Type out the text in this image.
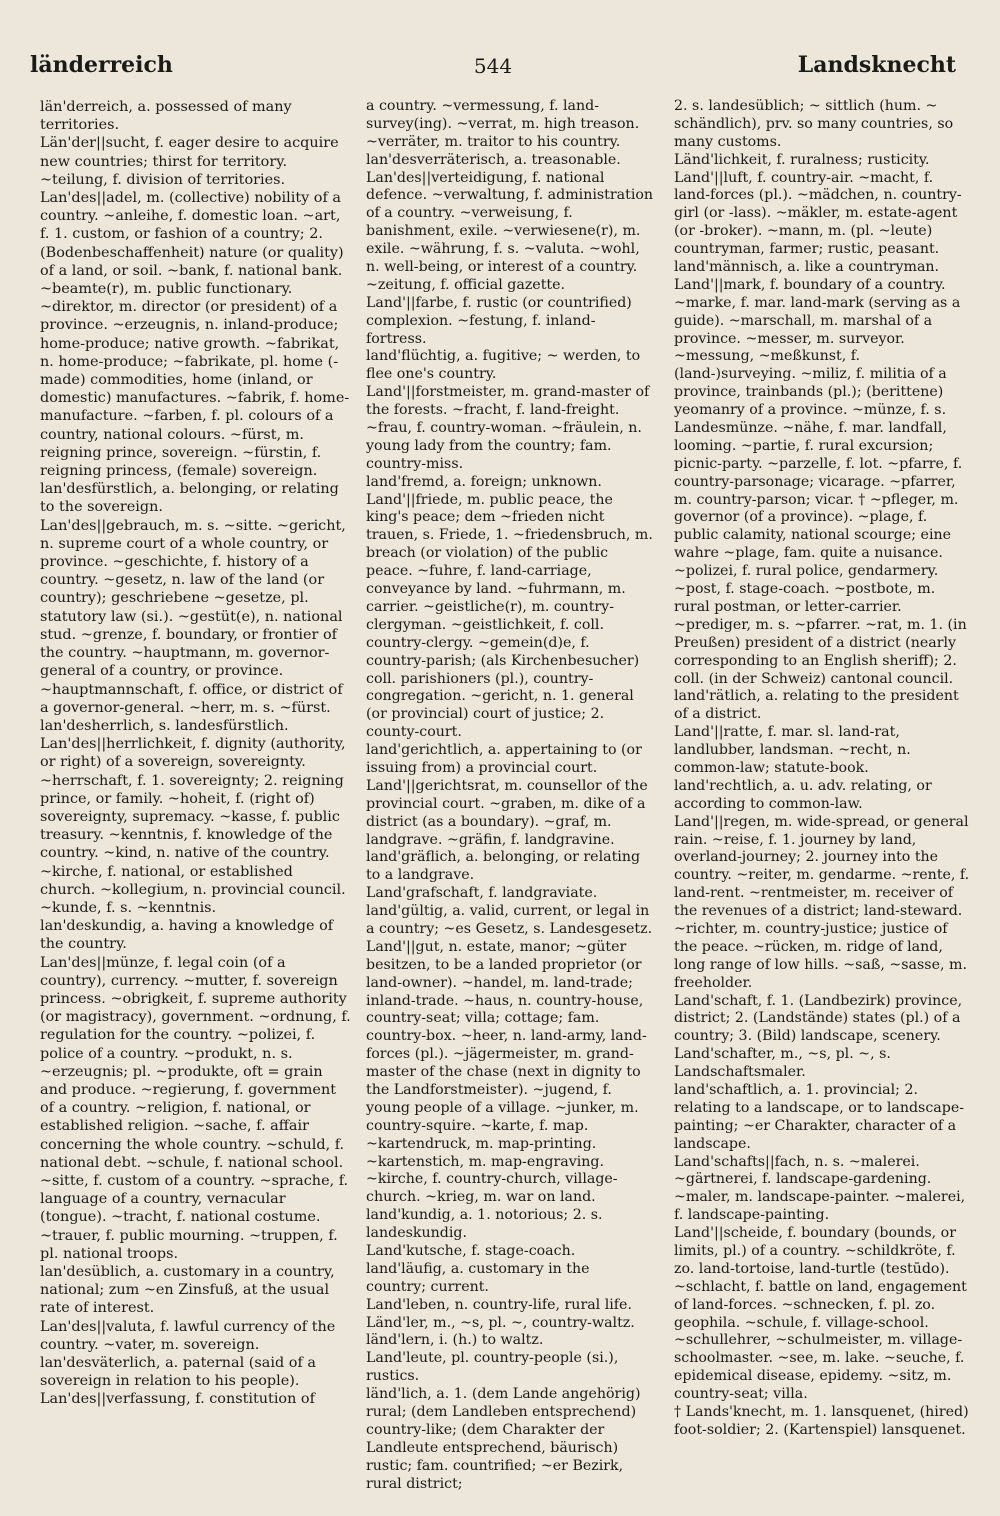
länderreich	544	Landsknecht

län'derreich, a. possessed of many territories.

Län'der||sucht, f. eager desire to acquire new countries; thirst for territory. ~teilung, f. division of territories.

Lan'des||adel, m. (collective) nobility of a country. ~anleihe, f. domestic loan. ~art, f. 1. custom, or fashion of a country; 2. (Bodenbeschaffenheit) nature (or quality) of a land, or soil. ~bank, f. national bank. ~beamte(r), m. public functionary. ~direktor, m. director (or president) of a province. ~erzeugnis, n. inland-produce; home-produce; native growth. ~fabrikat, n. home-produce; ~fabrikate, pl. home (-made) commodities, home (inland, or domestic) manufactures. ~fabrik, f. home-manufacture. ~farben, f. pl. colours of a country, national colours. ~fürst, m. reigning prince, sovereign. ~fürstin, f. reigning princess, (female) sovereign.

lan'desfürstlich, a. belonging, or relating to the sovereign.

Lan'des||gebrauch, m. s. ~sitte. ~gericht, n. supreme court of a whole country, or province. ~geschichte, f. history of a country. ~gesetz, n. law of the land (or country); geschriebene ~gesetze, pl. statutory law (si.). ~gestüt(e), n. national stud. ~grenze, f. boundary, or frontier of the country. ~hauptmann, m. governor-general of a country, or province. ~hauptmannschaft, f. office, or district of a governor-general. ~herr, m. s. ~fürst.

lan'desherrlich, s. landesfürstlich.

Lan'des||herrlichkeit, f. dignity (authority, or right) of a sovereign, sovereignty. ~herrschaft, f. 1. sovereignty; 2. reigning prince, or family. ~hoheit, f. (right of) sovereignty, supremacy. ~kasse, f. public treasury. ~kenntnis, f. knowledge of the country. ~kind, n. native of the country. ~kirche, f. national, or established church. ~kollegium, n. provincial council. ~kunde, f. s. ~kenntnis.

lan'deskundig, a. having a knowledge of the country.

Lan'des||münze, f. legal coin (of a country), currency. ~mutter, f. sovereign princess. ~obrigkeit, f. supreme authority (or magistracy), government. ~ordnung, f. regulation for the country. ~polizei, f. police of a country. ~produkt, n. s. ~erzeugnis; pl. ~produkte, oft = grain and produce. ~regierung, f. government of a country. ~religion, f. national, or established religion. ~sache, f. affair concerning the whole country. ~schuld, f. national debt. ~schule, f. national school. ~sitte, f. custom of a country. ~sprache, f. language of a country, vernacular (tongue). ~tracht, f. national costume. ~trauer, f. public mourning. ~truppen, f. pl. national troops.

lan'desüblich, a. customary in a country, national; zum ~en Zinsfuß, at the usual rate of interest.

Lan'des||valuta, f. lawful currency of the country. ~vater, m. sovereign.

lan'desväterlich, a. paternal (said of a sovereign in relation to his people).

Lan'des||verfassung, f. constitution of

a country. ~vermessung, f. land-survey(ing). ~verrat, m. high treason. ~verräter, m. traitor to his country.

lan'desverräterisch, a. treasonable.

Lan'des||verteidigung, f. national defence. ~verwaltung, f. administration of a country. ~verweisung, f. banishment, exile. ~verwiesene(r), m. exile. ~währung, f. s. ~valuta. ~wohl, n. well-being, or interest of a country. ~zeitung, f. official gazette.

Land'||farbe, f. rustic (or countrified) complexion. ~festung, f. inland-fortress.

land'flüchtig, a. fugitive; ~ werden, to flee one's country.

Land'||forstmeister, m. grand-master of the forests. ~fracht, f. land-freight. ~frau, f. country-woman. ~fräulein, n. young lady from the country; fam. country-miss.

land'fremd, a. foreign; unknown.

Land'||friede, m. public peace, the king's peace; dem ~frieden nicht trauen, s. Friede, 1. ~friedensbruch, m. breach (or violation) of the public peace. ~fuhre, f. land-carriage, conveyance by land. ~fuhrmann, m. carrier. ~geistliche(r), m. country-clergyman. ~geistlichkeit, f. coll. country-clergy. ~gemein(d)e, f. country-parish; (als Kirchenbesucher) coll. parishioners (pl.), country-congregation. ~gericht, n. 1. general (or provincial) court of justice; 2. county-court.

land'gerichtlich, a. appertaining to (or issuing from) a provincial court.

Land'||gerichtsrat, m. counsellor of the provincial court. ~graben, m. dike of a district (as a boundary). ~graf, m. landgrave. ~gräfin, f. landgravine.

land'gräflich, a. belonging, or relating to a landgrave.

Land'grafschaft, f. landgraviate.

land'gültig, a. valid, current, or legal in a country; ~es Gesetz, s. Landesgesetz.

Land'||gut, n. estate, manor; ~güter besitzen, to be a landed proprietor (or land-owner). ~handel, m. land-trade; inland-trade. ~haus, n. country-house, country-seat; villa; cottage; fam. country-box. ~heer, n. land-army, land-forces (pl.). ~jägermeister, m. grand-master of the chase (next in dignity to the Landforstmeister). ~jugend, f. young people of a village. ~junker, m. country-squire. ~karte, f. map. ~kartendruck, m. map-printing. ~kartenstich, m. map-engraving. ~kirche, f. country-church, village-church. ~krieg, m. war on land.

land'kundig, a. 1. notorious; 2. s. landeskundig.

Land'kutsche, f. stage-coach.

land'läufig, a. customary in the country; current.

Land'leben, n. country-life, rural life.

Länd'ler, m., ~s, pl. ~, country-waltz.

länd'lern, i. (h.) to waltz.

Land'leute, pl. country-people (si.), rustics.

länd'lich, a. 1. (dem Lande angehörig) rural; (dem Landleben entsprechend) country-like; (dem Charakter der Landleute entsprechend, bäurisch) rustic; fam. countrified; ~er Bezirk, rural district;

2. s. landesüblich; ~ sittlich (hum. ~ schändlich), prv. so many countries, so many customs.

Länd'lichkeit, f. ruralness; rusticity.

Land'||luft, f. country-air. ~macht, f. land-forces (pl.). ~mädchen, n. country-girl (or -lass). ~mäkler, m. estate-agent (or -broker). ~mann, m. (pl. ~leute) countryman, farmer; rustic, peasant.

land'männisch, a. like a countryman.

Land'||mark, f. boundary of a country. ~marke, f. mar. land-mark (serving as a guide). ~marschall, m. marshal of a province. ~messer, m. surveyor. ~messung, ~meßkunst, f. (land-)surveying. ~miliz, f. militia of a province, trainbands (pl.); (berittene) yeomanry of a province. ~münze, f. s. Landesmünze. ~nähe, f. mar. landfall, looming. ~partie, f. rural excursion; picnic-party. ~parzelle, f. lot. ~pfarre, f. country-parsonage; vicarage. ~pfarrer, m. country-parson; vicar. † ~pfleger, m. governor (of a province). ~plage, f. public calamity, national scourge; eine wahre ~plage, fam. quite a nuisance. ~polizei, f. rural police, gendarmery. ~post, f. stage-coach. ~postbote, m. rural postman, or letter-carrier. ~prediger, m. s. ~pfarrer. ~rat, m. 1. (in Preußen) president of a district (nearly corresponding to an English sheriff); 2. coll. (in der Schweiz) cantonal council.

land'rätlich, a. relating to the president of a district.

Land'||ratte, f. mar. sl. land-rat, landlubber, landsman. ~recht, n. common-law; statute-book.

land'rechtlich, a. u. adv. relating, or according to common-law.

Land'||regen, m. wide-spread, or general rain. ~reise, f. 1. journey by land, overland-journey; 2. journey into the country. ~reiter, m. gendarme. ~rente, f. land-rent. ~rentmeister, m. receiver of the revenues of a district; land-steward. ~richter, m. country-justice; justice of the peace. ~rücken, m. ridge of land, long range of low hills. ~saß, ~sasse, m. freeholder.

Land'schaft, f. 1. (Landbezirk) province, district; 2. (Landstände) states (pl.) of a country; 3. (Bild) landscape, scenery.

Land'schafter, m., ~s, pl. ~, s. Landschaftsmaler.

land'schaftlich, a. 1. provincial; 2. relating to a landscape, or to landscape-painting; ~er Charakter, character of a landscape.

Land'schafts||fach, n. s. ~malerei. ~gärtnerei, f. landscape-gardening. ~maler, m. landscape-painter. ~malerei, f. landscape-painting.

Land'||scheide, f. boundary (bounds, or limits, pl.) of a country. ~schildkröte, f. zo. land-tortoise, land-turtle (testūdo). ~schlacht, f. battle on land, engagement of land-forces. ~schnecken, f. pl. zo. geophila. ~schule, f. village-school. ~schullehrer, ~schulmeister, m. village-schoolmaster. ~see, m. lake. ~seuche, f. epidemical disease, epidemy. ~sitz, m. country-seat; villa.

† Lands'knecht, m. 1. lansquenet, (hired) foot-soldier; 2. (Kartenspiel) lansquenet.
